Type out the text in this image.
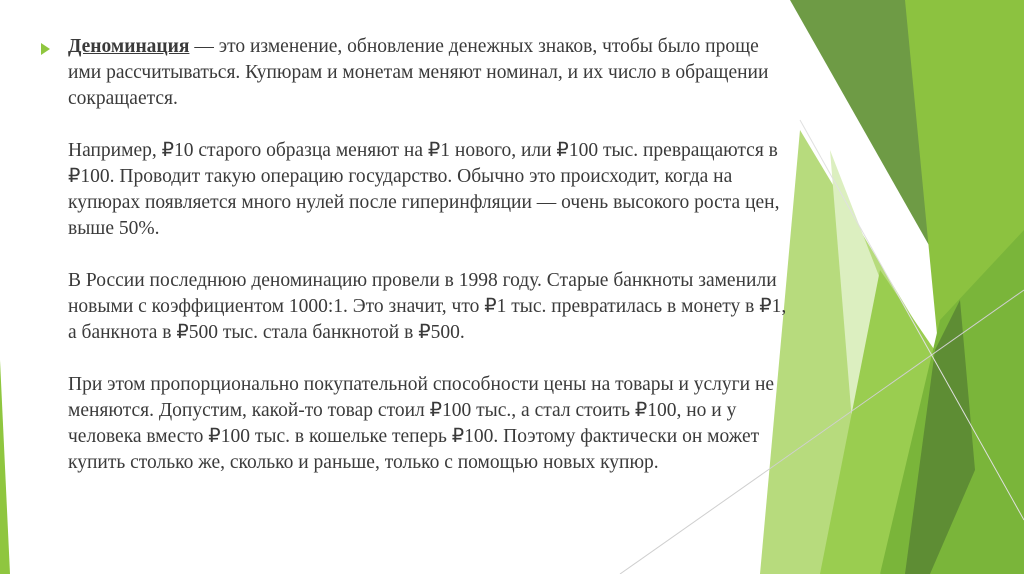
Деноминация — это изменение, обновление денежных знаков, чтобы было проще ими рассчитываться. Купюрам и монетам меняют номинал, и их число в обращении сокращается.

Например, ₽10 старого образца меняют на ₽1 нового, или ₽100 тыс. превращаются в ₽100. Проводит такую операцию государство. Обычно это происходит, когда на купюрах появляется много нулей после гиперинфляции — очень высокого роста цен, выше 50%.

В России последнюю деноминацию провели в 1998 году. Старые банкноты заменили новыми с коэффициентом 1000:1. Это значит, что ₽1 тыс. превратилась в монету в ₽1, а банкнота в ₽500 тыс. стала банкнотой в ₽500.

При этом пропорционально покупательной способности цены на товары и услуги не меняются. Допустим, какой-то товар стоил ₽100 тыс., а стал стоить ₽100, но и у человека вместо ₽100 тыс. в кошельке теперь ₽100. Поэтому фактически он может купить столько же, сколько и раньше, только с помощью новых купюр.
